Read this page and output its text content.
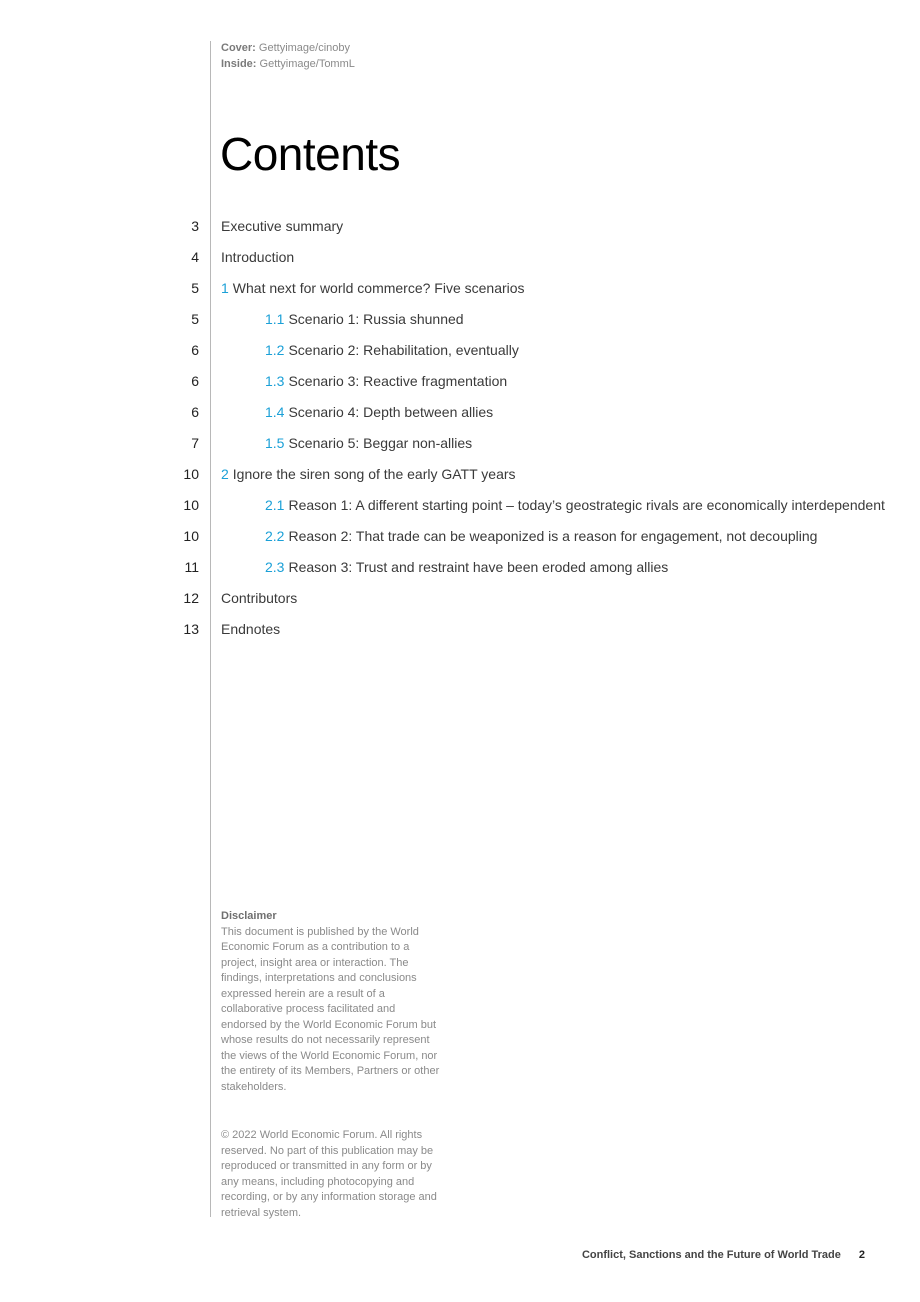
Cover: Gettyimage/cinoby
Inside: Gettyimage/TommL
Contents
3 Executive summary
4 Introduction
5 1 What next for world commerce? Five scenarios
5	1.1 Scenario 1: Russia shunned
6	1.2 Scenario 2: Rehabilitation, eventually
6	1.3 Scenario 3: Reactive fragmentation
6	1.4 Scenario 4: Depth between allies
7	1.5 Scenario 5: Beggar non-allies
10 2 Ignore the siren song of the early GATT years
10	2.1 Reason 1: A different starting point – today’s geostrategic rivals are economically interdependent
10	2.2 Reason 2: That trade can be weaponized is a reason for engagement, not decoupling
11	2.3 Reason 3: Trust and restraint have been eroded among allies
12 Contributors
13 Endnotes
Disclaimer
This document is published by the World Economic Forum as a contribution to a project, insight area or interaction. The findings, interpretations and conclusions expressed herein are a result of a collaborative process facilitated and endorsed by the World Economic Forum but whose results do not necessarily represent the views of the World Economic Forum, nor the entirety of its Members, Partners or other stakeholders.
© 2022 World Economic Forum. All rights reserved. No part of this publication may be reproduced or transmitted in any form or by any means, including photocopying and recording, or by any information storage and retrieval system.
Conflict, Sanctions and the Future of World Trade 2
